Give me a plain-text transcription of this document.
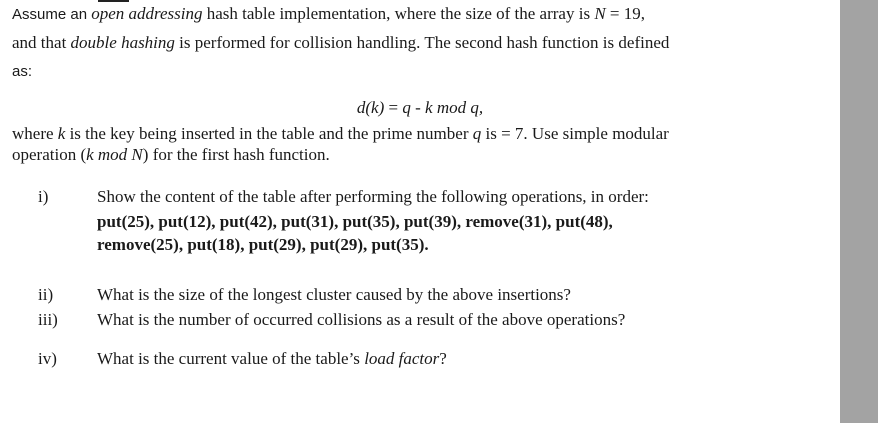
Assume an open addressing hash table implementation, where the size of the array is N = 19,
and that double hashing is performed for collision handling. The second hash function is defined
as:
d(k) = q - k mod q,
where k is the key being inserted in the table and the prime number q is = 7. Use simple modular
operation (k mod N) for the first hash function.
i)	Show the content of the table after performing the following operations, in order:
put(25), put(12), put(42), put(31), put(35), put(39), remove(31), put(48),
remove(25), put(18), put(29), put(29), put(35).
ii)	What is the size of the longest cluster caused by the above insertions?
iii) What is the number of occurred collisions as a result of the above operations?
iv) What is the current value of the table’s load factor?
